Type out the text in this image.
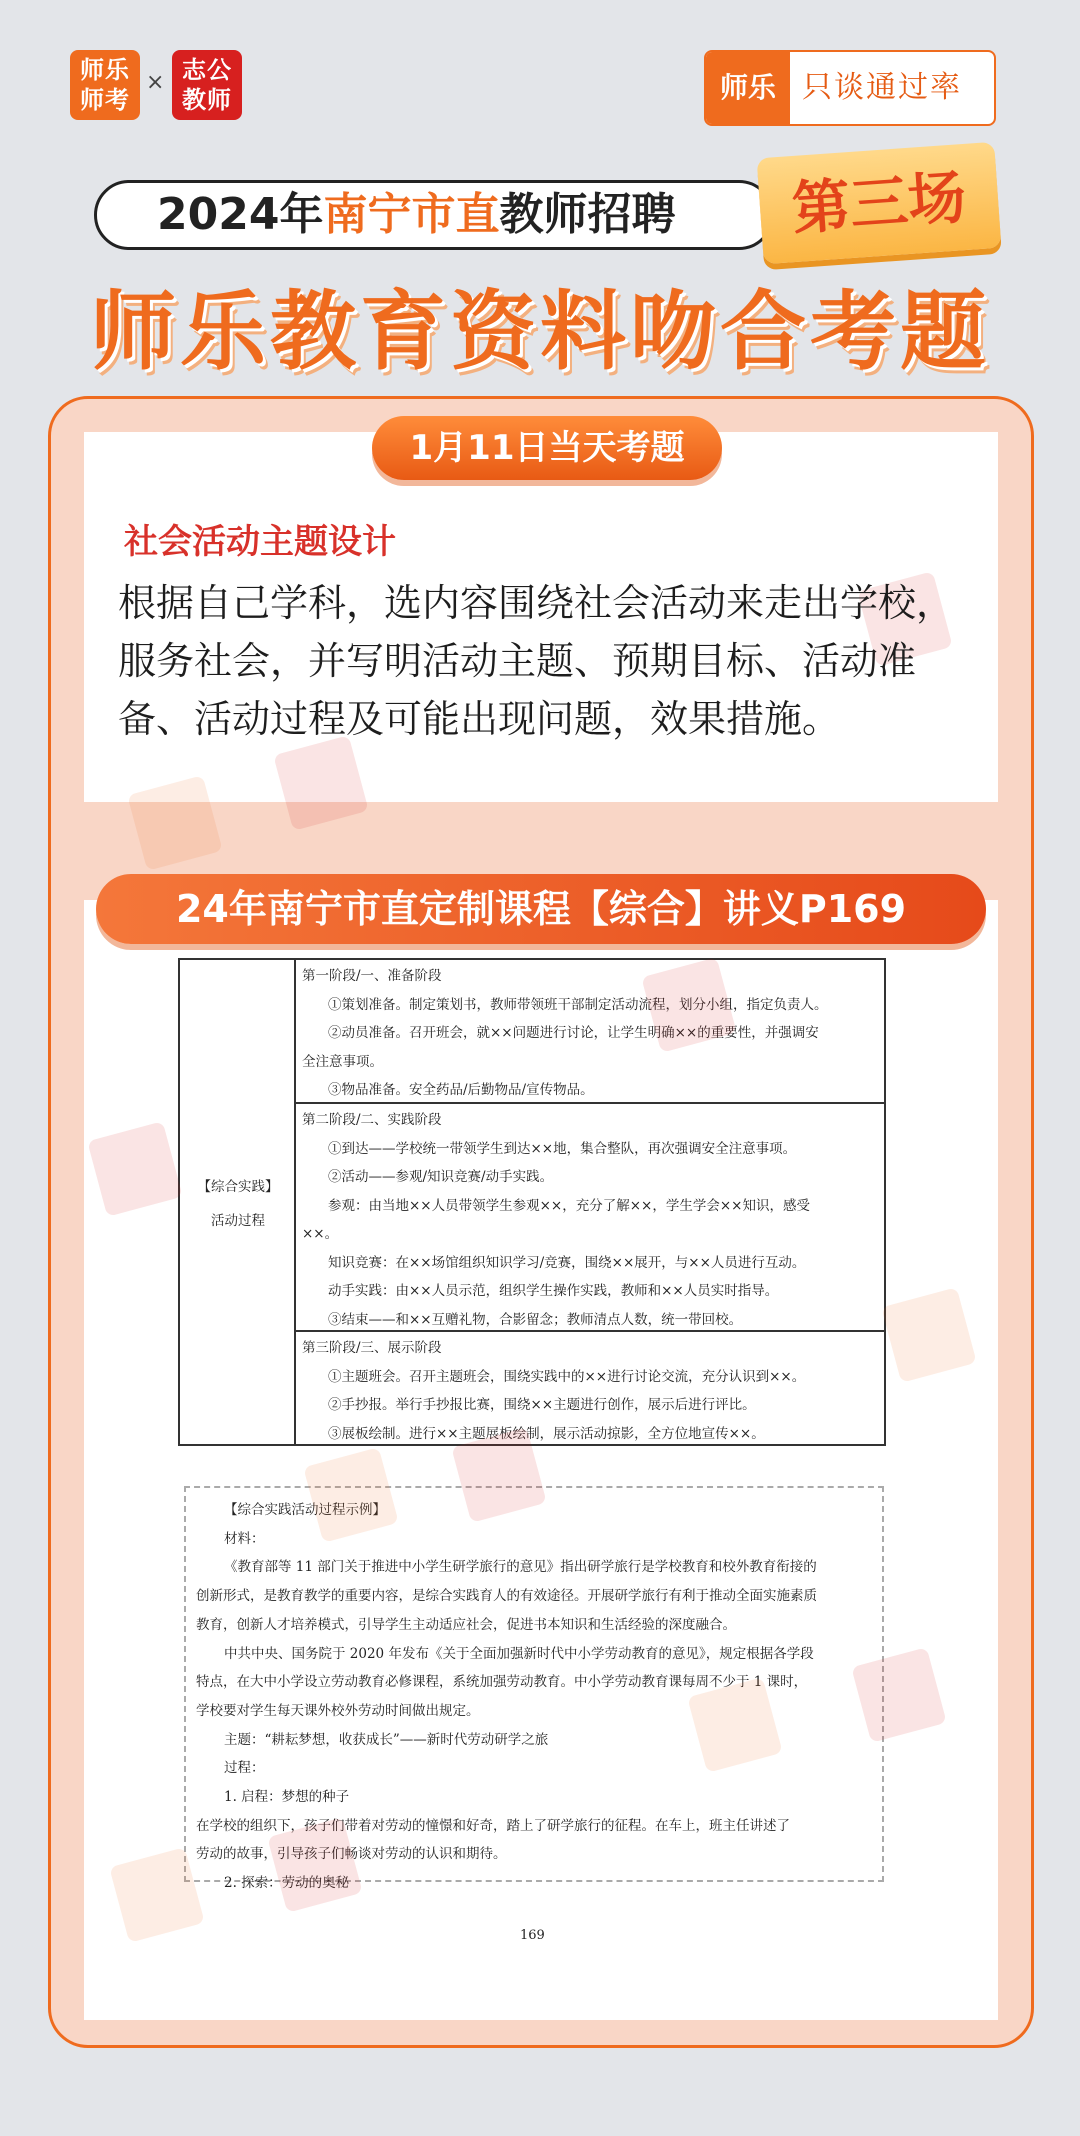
师乐
师考
× 志公
教师	师乐 只谈通过率
2024年南宁市直教师招聘	第三场
师乐教育资料吻合考题
1月11日当天考题
社会活动主题设计
根据自己学科，选内容围绕社会活动来走出学校，服务社会，并写明活动主题、预期目标、活动准备、活动过程及可能出现问题，效果措施。
24年南宁市直定制课程【综合】讲义P169
【综合实践】
活动过程
第一阶段/一、准备阶段
①策划准备。制定策划书，教师带领班干部制定活动流程，划分小组，指定负责人。
②动员准备。召开班会，就××问题进行讨论，让学生明确××的重要性，并强调安
全注意事项。
③物品准备。安全药品/后勤物品/宣传物品。
第二阶段/二、实践阶段
①到达——学校统一带领学生到达××地，集合整队，再次强调安全注意事项。
②活动——参观/知识竞赛/动手实践。
参观：由当地××人员带领学生参观××，充分了解××，学生学会××知识，感受
××。
知识竞赛：在××场馆组织知识学习/竞赛，围绕××展开，与××人员进行互动。
动手实践：由××人员示范，组织学生操作实践，教师和××人员实时指导。
③结束——和××互赠礼物，合影留念；教师清点人数，统一带回校。
第三阶段/三、展示阶段
①主题班会。召开主题班会，围绕实践中的××进行讨论交流，充分认识到××。
②手抄报。举行手抄报比赛，围绕××主题进行创作，展示后进行评比。
③展板绘制。进行××主题展板绘制，展示活动掠影，全方位地宣传××。
【综合实践活动过程示例】
材料：
《教育部等 11 部门关于推进中小学生研学旅行的意见》指出研学旅行是学校教育和校外教育衔接的
创新形式，是教育教学的重要内容，是综合实践育人的有效途径。开展研学旅行有利于推动全面实施素质
教育，创新人才培养模式，引导学生主动适应社会，促进书本知识和生活经验的深度融合。
中共中央、国务院于 2020 年发布《关于全面加强新时代中小学劳动教育的意见》，规定根据各学段
特点，在大中小学设立劳动教育必修课程，系统加强劳动教育。中小学劳动教育课每周不少于 1 课时，
学校要对学生每天课外校外劳动时间做出规定。
主题：“耕耘梦想，收获成长”——新时代劳动研学之旅
过程：
1. 启程：梦想的种子
在学校的组织下，孩子们带着对劳动的憧憬和好奇，踏上了研学旅行的征程。在车上，班主任讲述了
劳动的故事，引导孩子们畅谈对劳动的认识和期待。
2. 探索：劳动的奥秘
169
